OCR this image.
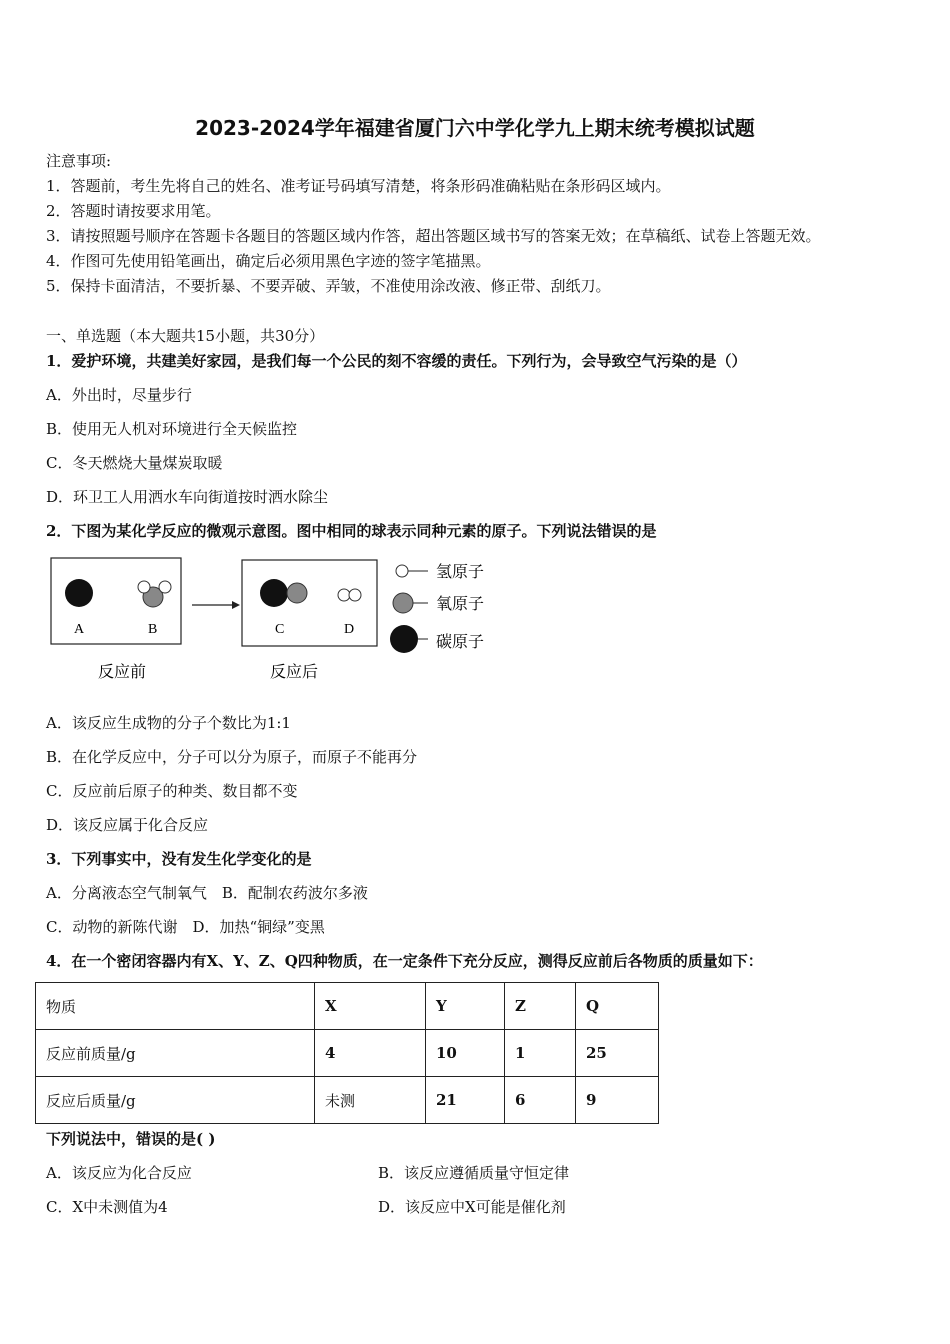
2023-2024学年福建省厦门六中学化学九上期末统考模拟试题
注意事项:
1．答题前，考生先将自己的姓名、准考证号码填写清楚，将条形码准确粘贴在条形码区域内。
2．答题时请按要求用笔。
3．请按照题号顺序在答题卡各题目的答题区域内作答，超出答题区域书写的答案无效；在草稿纸、试卷上答题无效。
4．作图可先使用铅笔画出，确定后必须用黑色字迹的签字笔描黑。
5．保持卡面清洁，不要折暴、不要弄破、弄皱，不准使用涂改液、修正带、刮纸刀。
一、单选题（本大题共15小题，共30分）
1．爱护环境，共建美好家园，是我们每一个公民的刻不容缓的责任。下列行为，会导致空气污染的是（）
A．外出时，尽量步行
B．使用无人机对环境进行全天候监控
C．冬天燃烧大量煤炭取暖
D．环卫工人用洒水车向街道按时洒水除尘
2．下图为某化学反应的微观示意图。图中相同的球表示同种元素的原子。下列说法错误的是
A	B	C	D
反应前	反应后
氢原子
氧原子
碳原子
A．该反应生成物的分子个数比为1:1
B．在化学反应中，分子可以分为原子，而原子不能再分
C．反应前后原子的种类、数目都不变
D．该反应属于化合反应
3．下列事实中，没有发生化学变化的是
A．分离液态空气制氧气　B．配制农药波尔多液
C．动物的新陈代谢　D．加热“铜绿”变黑
4．在一个密闭容器内有X、Y、Z、Q四种物质，在一定条件下充分反应，测得反应前后各物质的质量如下：
物质	X	Y	Z	Q
反应前质量/g	4	10	1	25
反应后质量/g	未测	21	6	9
下列说法中，错误的是( )
A．该反应为化合反应	B．该反应遵循质量守恒定律
C．X中未测值为4	D．该反应中X可能是催化剂
